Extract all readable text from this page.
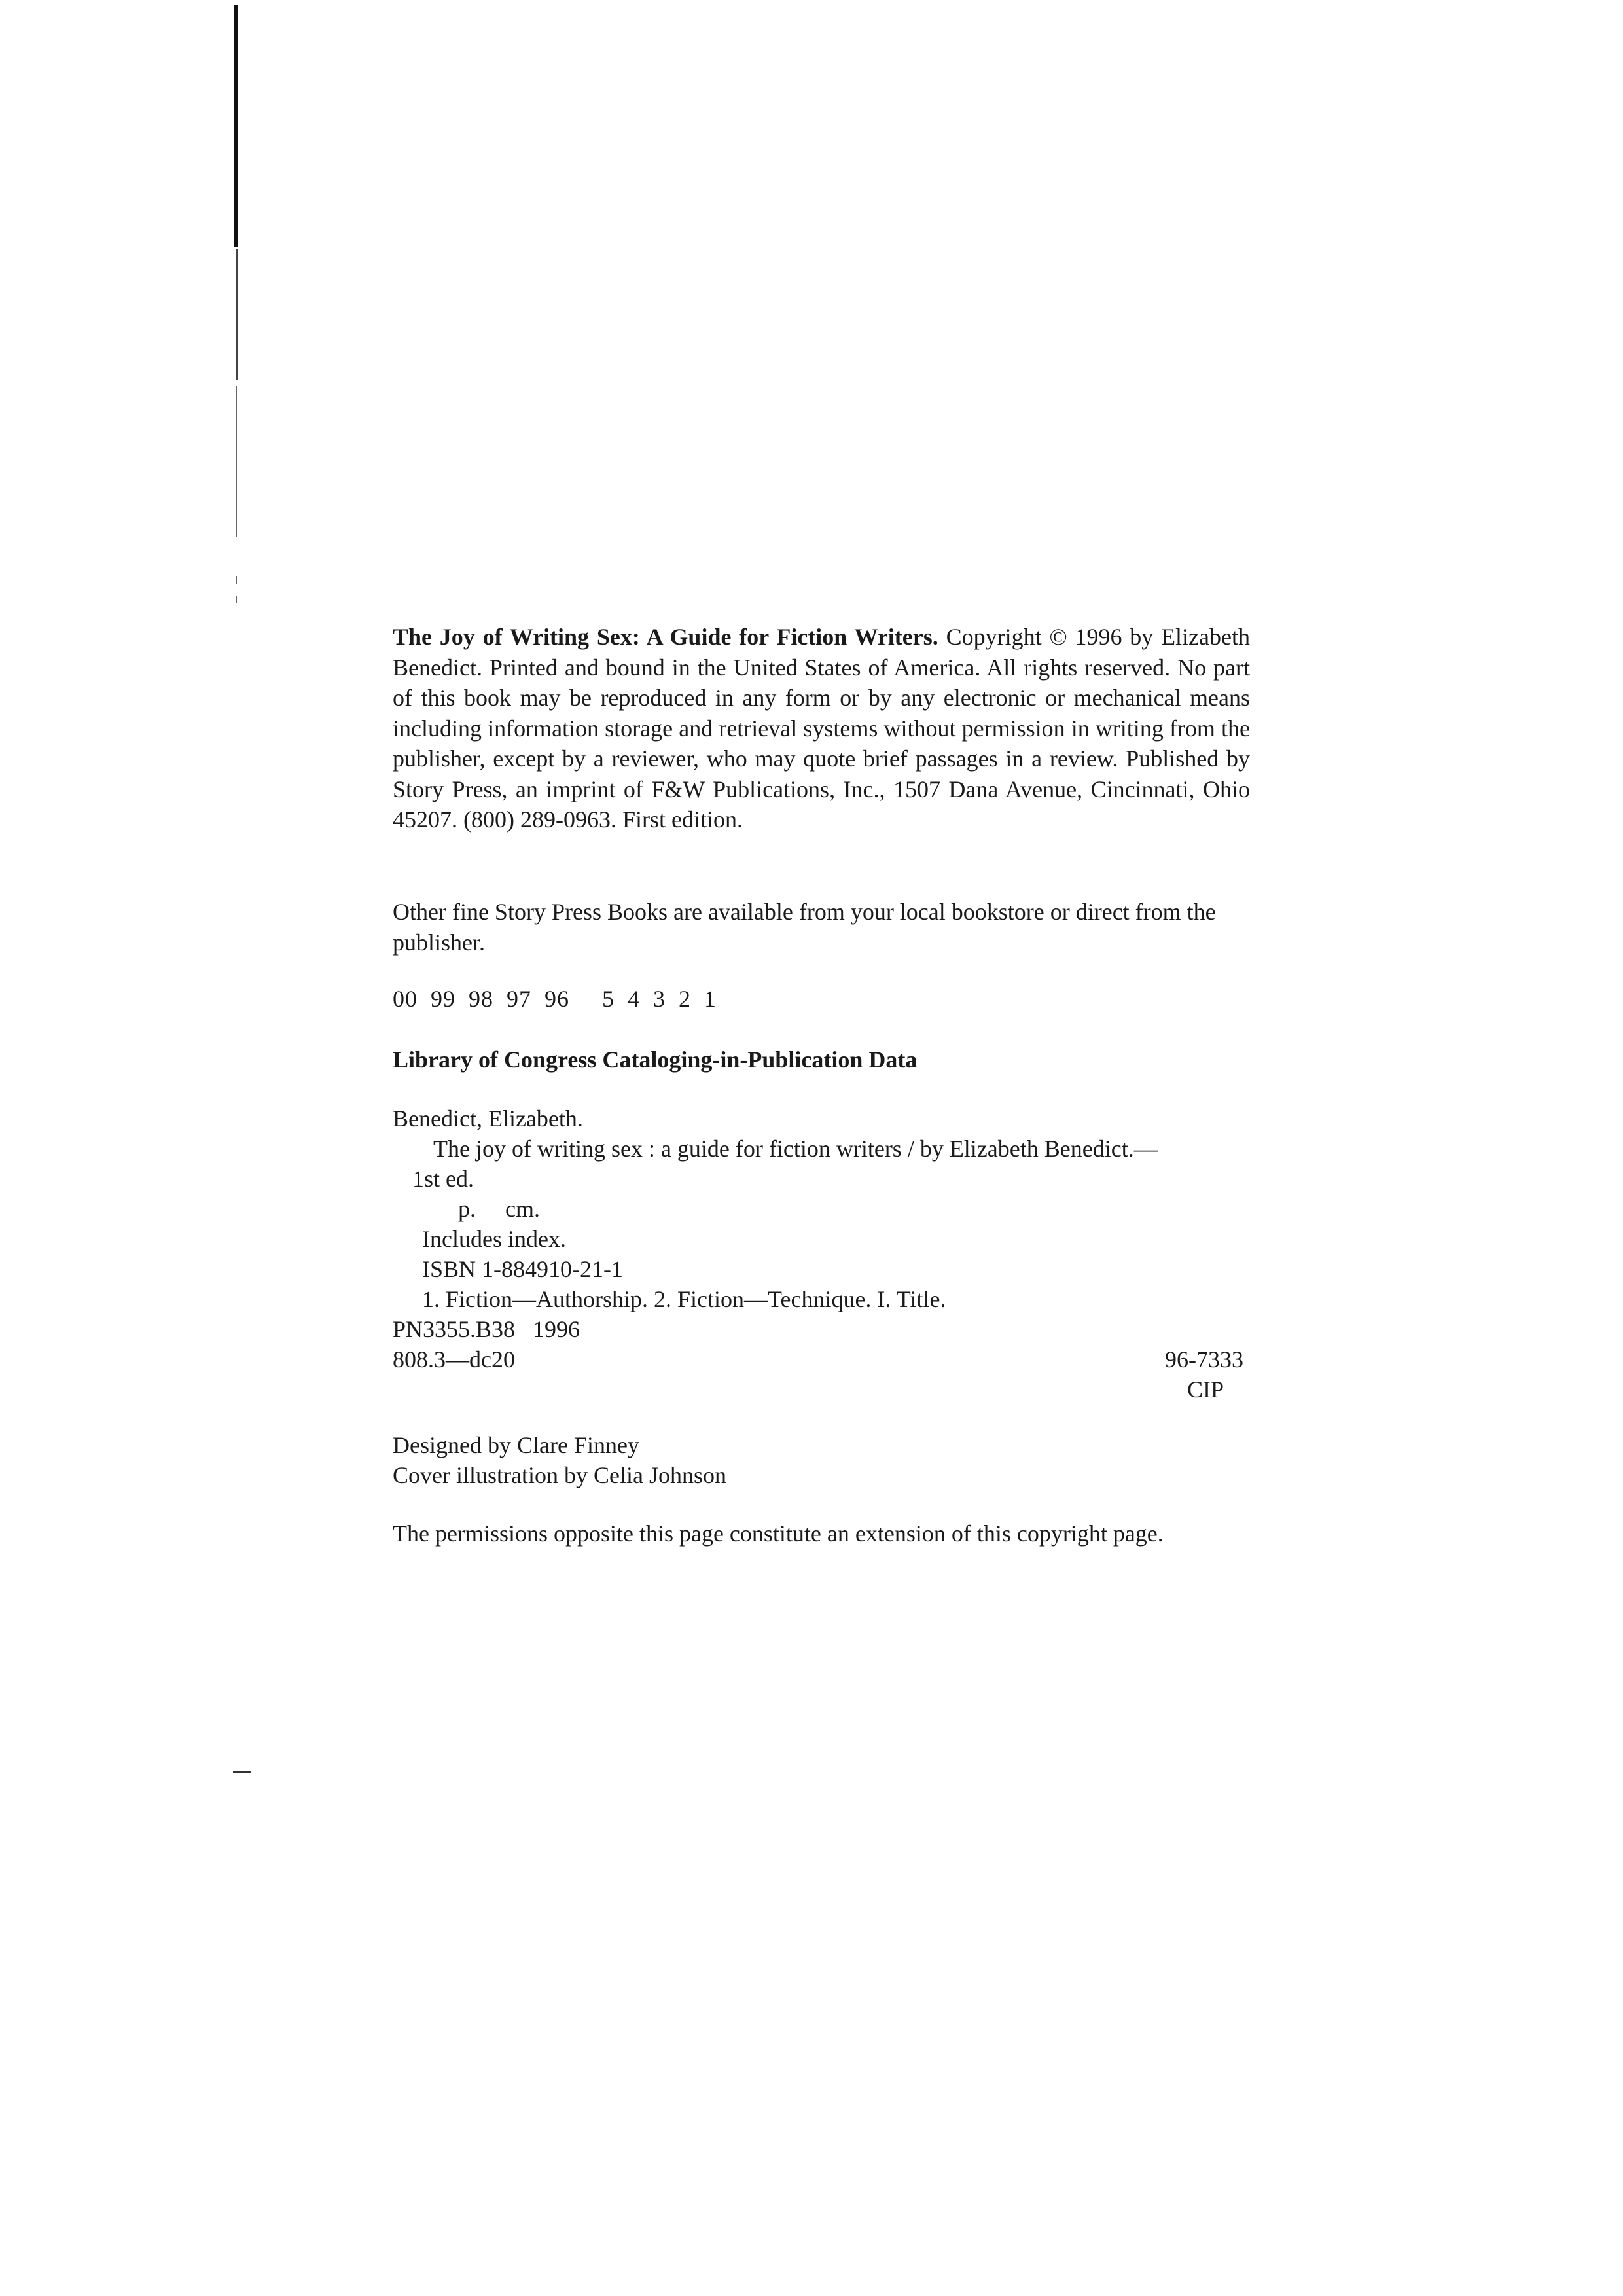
The Joy of Writing Sex: A Guide for Fiction Writers. Copyright © 1996 by Elizabeth Benedict. Printed and bound in the United States of America. All rights reserved. No part of this book may be reproduced in any form or by any electronic or mechanical means including information storage and retrieval systems without permission in writing from the publisher, except by a reviewer, who may quote brief passages in a review. Published by Story Press, an imprint of F&W Publications, Inc., 1507 Dana Avenue, Cincinnati, Ohio 45207. (800) 289-0963. First edition.

Other fine Story Press Books are available from your local bookstore or direct from the publisher.

00  99  98  97  96     5  4  3  2  1
Library of Congress Cataloging-in-Publication Data
Benedict, Elizabeth.
The joy of writing sex : a guide for fiction writers / by Elizabeth Benedict.—
1st ed.
p.     cm.
Includes index.
ISBN 1-884910-21-1
1. Fiction—Authorship. 2. Fiction—Technique. I. Title.
PN3355.B38   1996
808.3—dc20	96-7333
CIP
Designed by Clare Finney
Cover illustration by Celia Johnson

The permissions opposite this page constitute an extension of this copyright page.
